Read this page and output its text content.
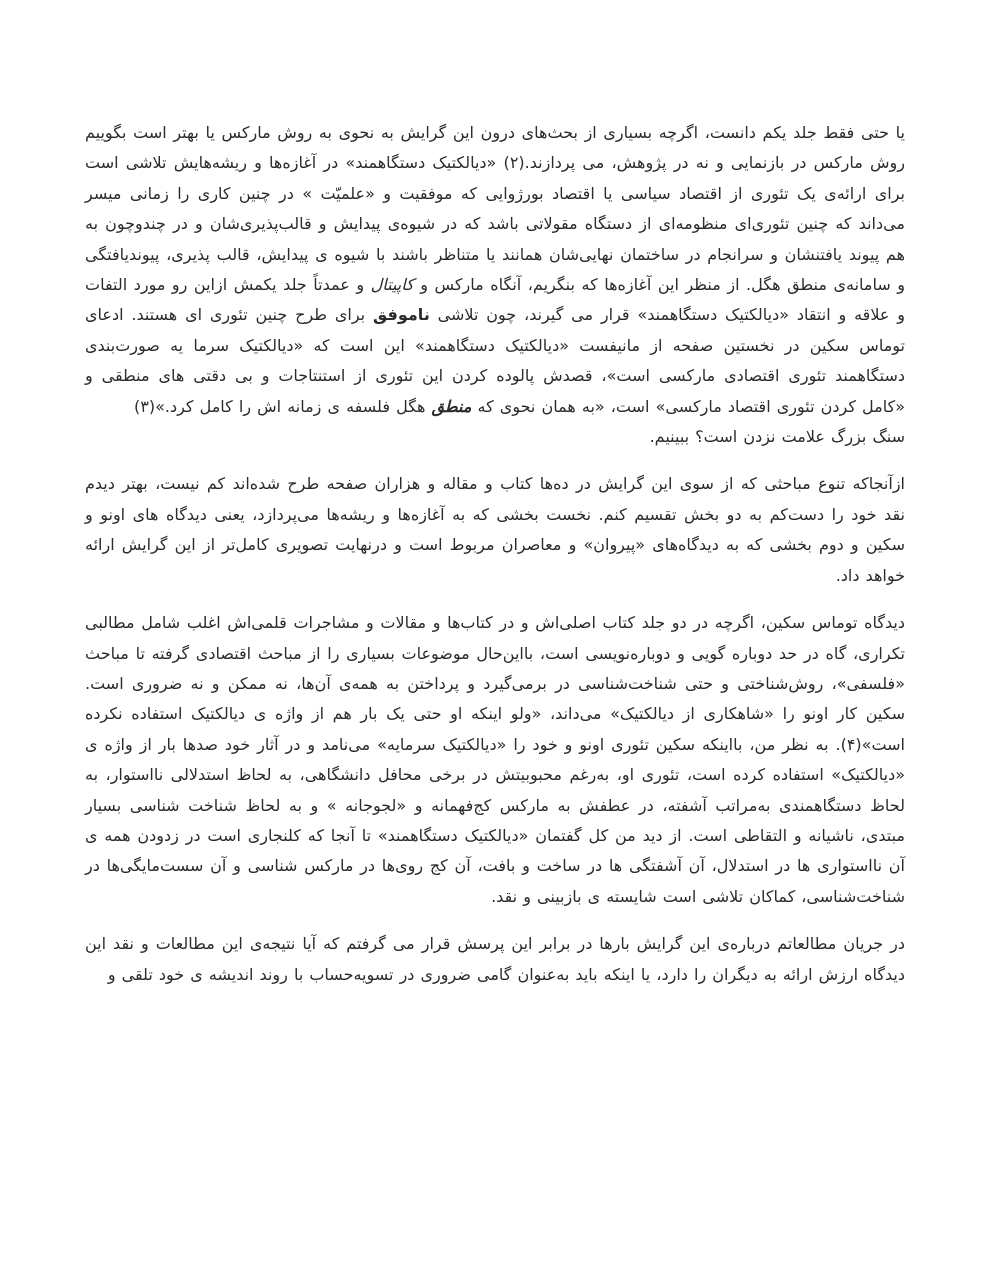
یا حتی فقط جلد یکم دانست، اگرچه بسیاری از بحث‌های درون این گرایش به نحوی به روش مارکس یا بهتر است بگوییم روش مارکس در بازنمایی و نه در پژوهش، می پردازند.(۲) «دیالکتیک دستگاهمند» در آغازه‌ها و ریشه‌هایش تلاشی است برای ارائه‌ی یک تئوری از اقتصاد سیاسی یا اقتصاد بورژوایی که موفقیت و «علمیّت » در چنین کاری را زمانی میسر می‌داند که چنین تئوری‌ای منظومه‌ای از دستگاه مقولاتی باشد که در شیوه‌ی پیدایش و قالب‌پذیری‌شان و در چندوچون به هم پیوند یافتنشان و سرانجام در ساختمان نهایی‌شان همانند یا متناظر باشند با شیوه ی پیدایش، قالب پذیری، پیوندیافتگی و سامانه‌ی منطق هگل. از منظر این آغازه‌ها که بنگریم، آنگاه مارکس و کاپیتال و عمدتاً جلد یکمش ازاین رو مورد التفات و علاقه و انتقاد «دیالکتیک دستگاهمند» قرار می گیرند، چون تلاشی ناموفق برای طرح چنین تئوری ای هستند. ادعای توماس سکین در نخستین صفحه از مانیفست «دیالکتیک دستگاهمند» این است که «دیالکتیک سرما یه صورت‌بندی دستگاهمند تئوری اقتصادی مارکسی است»، قصدش پالوده کردن این تئوری از استنتاجات و بی دقتی های منطقی و «کامل کردن تئوری اقتصاد مارکسی» است، «به همان نحوی که منطق هگل فلسفه ی زمانه اش را کامل کرد.»(۳)

سنگ بزرگ علامت نزدن است؟ ببینیم.

ازآنجاکه تنوع مباحثی که از سوی این گرایش در ده‌ها کتاب و مقاله و هزاران صفحه طرح شده‌اند کم نیست، بهتر دیدم نقد خود را دست‌کم به دو بخش تقسیم کنم. نخست بخشی که به آغازه‌ها و ریشه‌ها می‌پردازد، یعنی دیدگاه های اونو و سکین و دوم بخشی که به دیدگاه‌های «پیروان» و معاصران مربوط است و درنهایت تصویری کامل‌تر از این گرایش ارائه خواهد داد.

دیدگاه توماس سکین، اگرچه در دو جلد کتاب اصلی‌اش و در کتاب‌ها و مقالات و مشاجرات قلمی‌اش اغلب شامل مطالبی تکراری، گاه در حد دوباره گویی و دوباره‌نویسی است، بااین‌حال موضوعات بسیاری را از مباحث اقتصادی گرفته تا مباحث «فلسفی»، روش‌شناختی و حتی شناخت‌شناسی در برمی‌گیرد و پرداختن به همه‌ی آن‌ها، نه ممکن و نه ضروری است. سکین کار اونو را «شاهکاری از دیالکتیک» می‌داند، «ولو اینکه او حتی یک بار هم از واژه ی دیالکتیک استفاده نکرده است»(۴). به نظر من، بااینکه سکین تئوری اونو و خود را «دیالکتیک سرمایه» می‌نامد و در آثار خود صدها بار از واژه ی «دیالکتیک» استفاده کرده است، تئوری او، به‌رغم محبوبیتش در برخی محافل دانشگاهی، به لحاظ استدلالی نااستوار، به لحاظ دستگاهمندی به‌مراتب آشفته، در عطفش به مارکس کج‌فهمانه و «لجوجانه » و به لحاظ شناخت شناسی بسیار مبتدی، ناشیانه و التقاطی است. از دید من کل گفتمان «دیالکتیک دستگاهمند» تا آنجا که کلنجاری است در زدودن همه ی آن نااستواری ها در استدلال، آن آشفتگی ها در ساخت و بافت، آن کج روی‌ها در مارکس شناسی و آن سست‌مایگی‌ها در شناخت‌شناسی، کماکان تلاشی است شایسته ی بازبینی و نقد.

در جریان مطالعاتم درباره‌ی این گرایش بارها در برابر این پرسش قرار می گرفتم که آیا نتیجه‌ی این مطالعات و نقد این دیدگاه ارزش ارائه به دیگران را دارد، یا اینکه باید به‌عنوان گامی ضروری در تسویه‌حساب با روند اندیشه ی خود تلقی و
